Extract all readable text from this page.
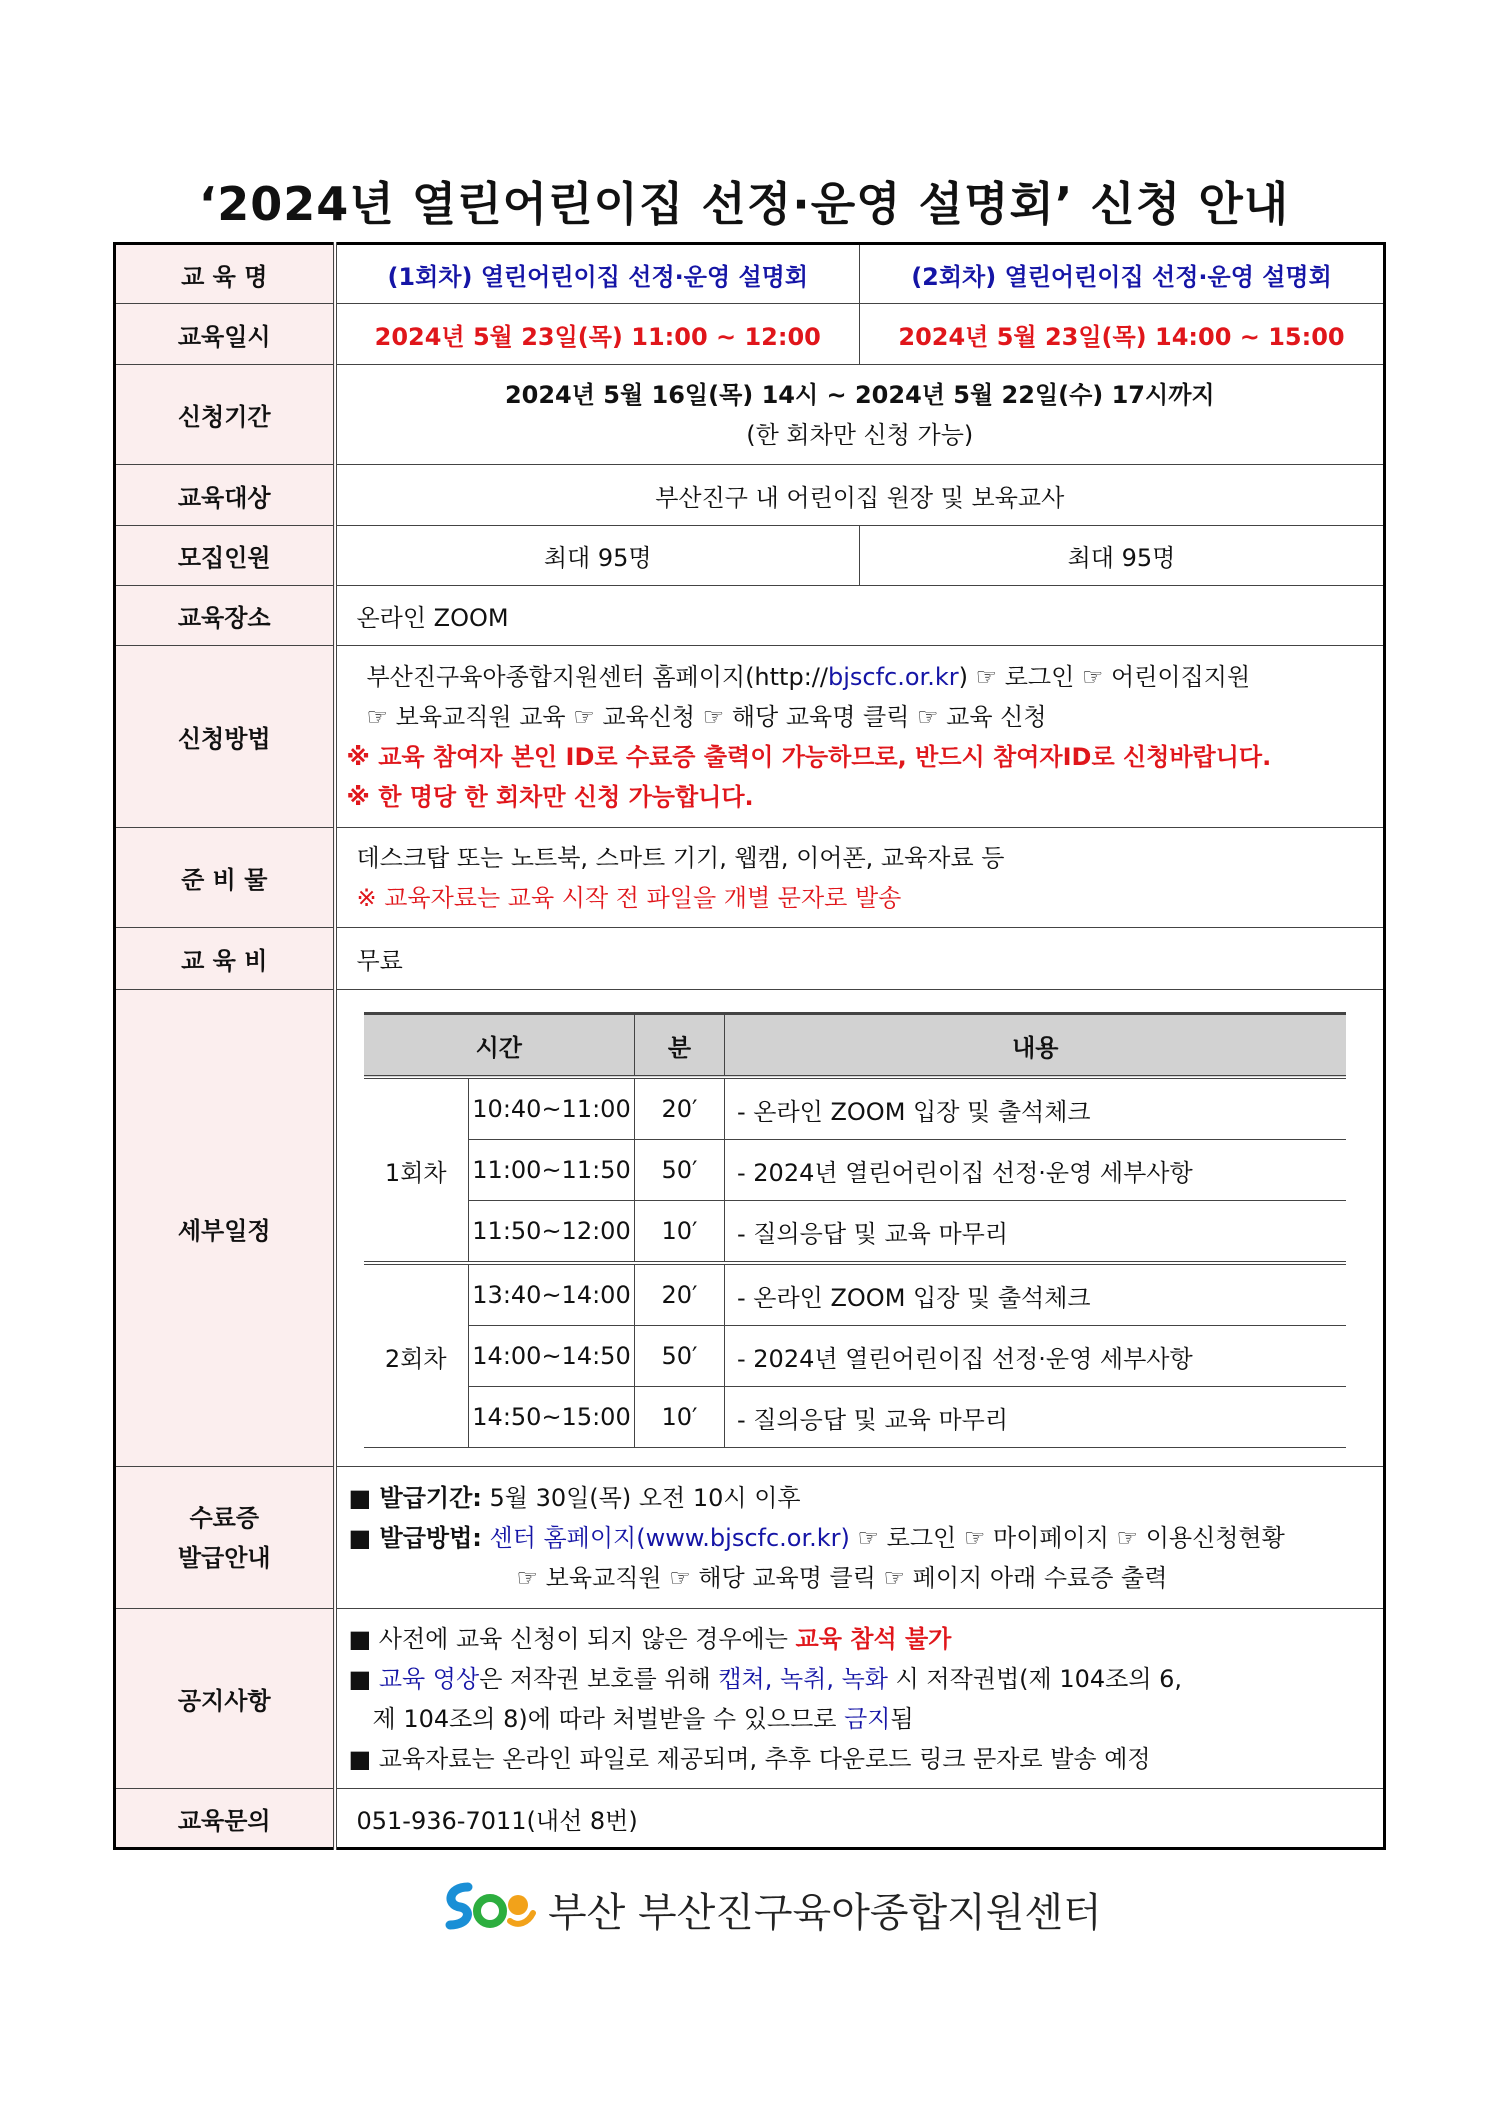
‘2024년 열린어린이집 선정·운영 설명회’ 신청 안내
교 육 명	(1회차) 열린어린이집 선정·운영 설명회	(2회차) 열린어린이집 선정·운영 설명회
교육일시	2024년 5월 23일(목) 11:00 ~ 12:00	2024년 5월 23일(목) 14:00 ~ 15:00
신청기간	
2024년 5월 16일(목) 14시 ~ 2024년 5월 22일(수) 17시까지
(한 회차만 신청 가능)

교육대상	부산진구 내 어린이집 원장 및 보육교사
모집인원	최대 95명	최대 95명
교육장소	온라인 ZOOM
신청방법	
부산진구육아종합지원센터 홈페이지(http://bjscfc.or.kr) ☞ 로그인 ☞ 어린이집지원
☞ 보육교직원 교육 ☞ 교육신청 ☞ 해당 교육명 클릭 ☞ 교육 신청
※ 교육 참여자 본인 ID로 수료증 출력이 가능하므로, 반드시 참여자ID로 신청바랍니다.
※ 한 명당 한 회차만 신청 가능합니다.

준 비 물	
데스크탑 또는 노트북, 스마트 기기, 웹캠, 이어폰, 교육자료 등
※ 교육자료는 교육 시작 전 파일을 개별 문자로 발송

교 육 비	무료
세부일정	
시간	분	내용
1회차	10:40~11:00	20′	- 온라인 ZOOM 입장 및 출석체크
11:00~11:50	50′	- 2024년 열린어린이집 선정·운영 세부사항
11:50~12:00	10′	- 질의응답 및 교육 마무리
2회차	13:40~14:00	20′	- 온라인 ZOOM 입장 및 출석체크
14:00~14:50	50′	- 2024년 열린어린이집 선정·운영 세부사항
14:50~15:00	10′	- 질의응답 및 교육 마무리

수료증
발급안내

■ 발급기간: 5월 30일(목) 오전 10시 이후
■ 발급방법: 센터 홈페이지(www.bjscfc.or.kr) ☞ 로그인 ☞ 마이페이지 ☞ 이용신청현황
☞ 보육교직원 ☞ 해당 교육명 클릭 ☞ 페이지 아래 수료증 출력

공지사항	
■ 사전에 교육 신청이 되지 않은 경우에는 교육 참석 불가
■ 교육 영상은 저작권 보호를 위해 캡쳐, 녹취, 녹화 시 저작권법(제 104조의 6,
제 104조의 8)에 따라 처벌받을 수 있으므로 금지됨
■ 교육자료는 온라인 파일로 제공되며, 추후 다운로드 링크 문자로 발송 예정

교육문의	051-936-7011(내선 8번)
부산 부산진구육아종합지원센터
